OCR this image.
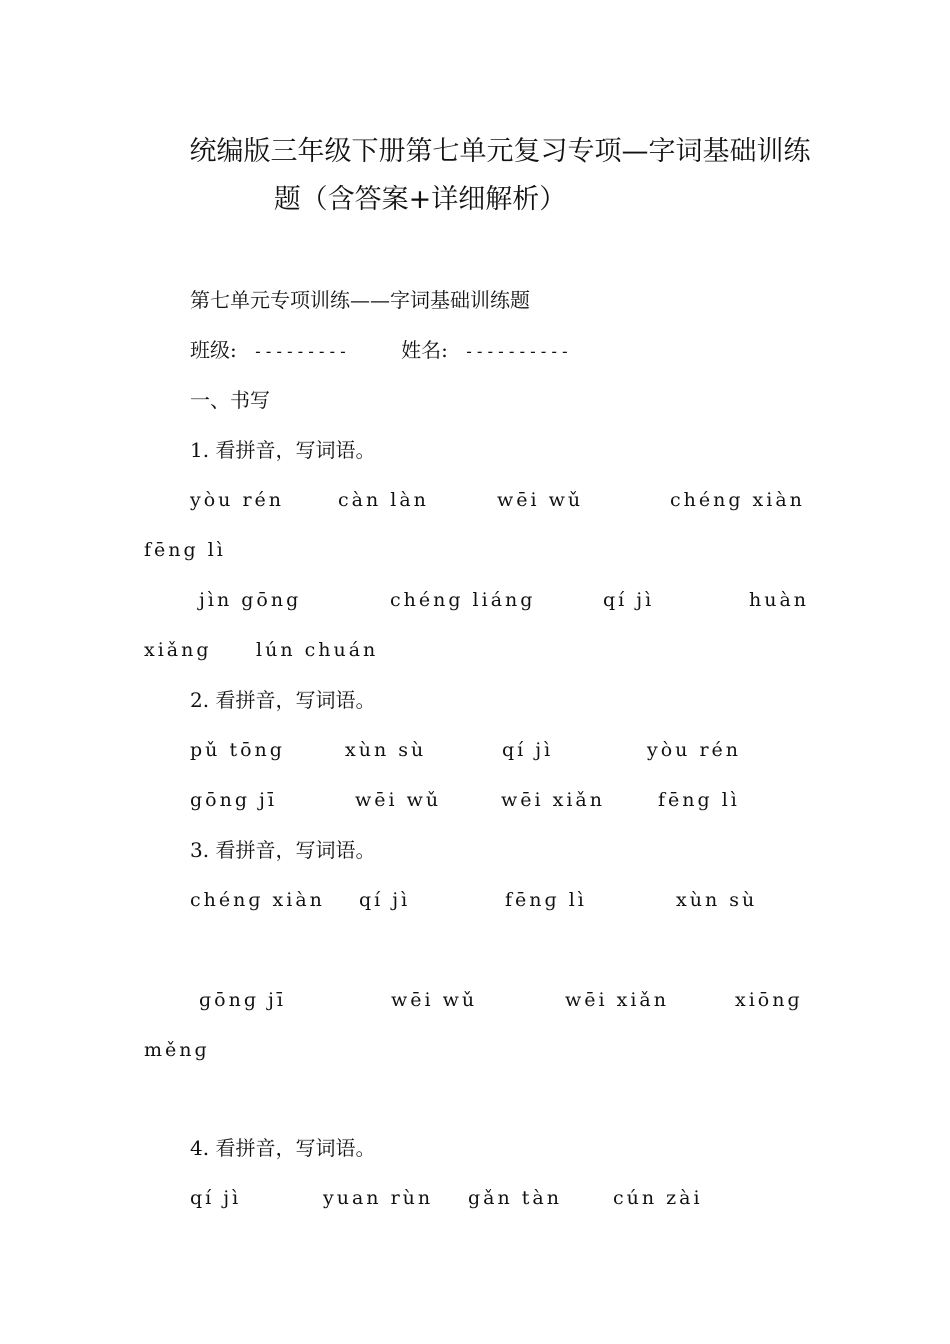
统编版三年级下册第七单元复习专项—字词基础训练
题（含答案+详细解析）
第七单元专项训练——字词基础训练题
班级: ---------	姓名: ----------
一、书写
1. 看拼音，写词语。
yòu rén	càn làn	wēi wǔ	chéng xiàn
fēng lì
jìn gōng	chéng liáng	qí jì	huàn
xiǎng lún chuán
2. 看拼音，写词语。
pǔ tōng	xùn sù	qí jì	yòu rén
gōng jī	wēi wǔ	wēi xiǎn	fēng lì
3. 看拼音，写词语。
chénɡ xiàn qí jì	fēnɡ lì	xùn sù
ɡōnɡ jī	wēi wǔ	wēi xiǎn	xiōnɡ
měnɡ
4. 看拼音，写词语。
qí jì	yuan rùn gǎn tàn	cún zài
